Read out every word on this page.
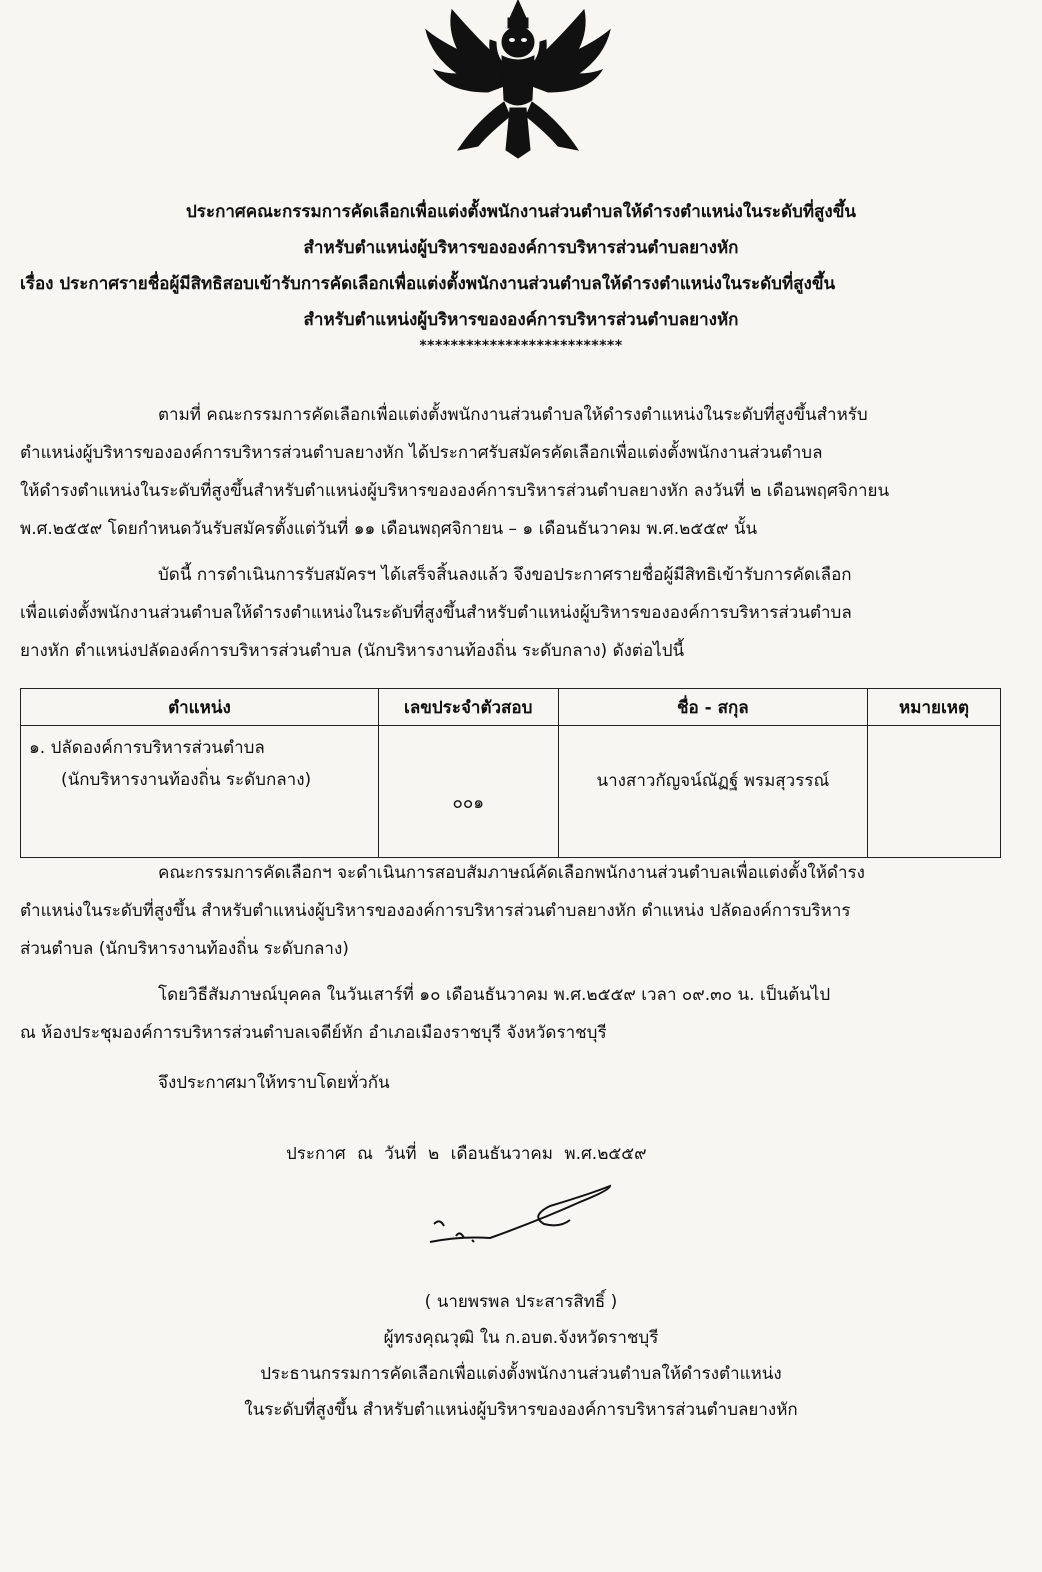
ประกาศคณะกรรมการคัดเลือกเพื่อแต่งตั้งพนักงานส่วนตำบลให้ดำรงตำแหน่งในระดับที่สูงขึ้น
สำหรับตำแหน่งผู้บริหารขององค์การบริหารส่วนตำบลยางหัก
เรื่อง ประกาศรายชื่อผู้มีสิทธิสอบเข้ารับการคัดเลือกเพื่อแต่งตั้งพนักงานส่วนตำบลให้ดำรงตำแหน่งในระดับที่สูงขึ้น
สำหรับตำแหน่งผู้บริหารขององค์การบริหารส่วนตำบลยางหัก
**************************
ตามที่ คณะกรรมการคัดเลือกเพื่อแต่งตั้งพนักงานส่วนตำบลให้ดำรงตำแหน่งในระดับที่สูงขึ้นสำหรับ
ตำแหน่งผู้บริหารขององค์การบริหารส่วนตำบลยางหัก ได้ประกาศรับสมัครคัดเลือกเพื่อแต่งตั้งพนักงานส่วนตำบล
ให้ดำรงตำแหน่งในระดับที่สูงขึ้นสำหรับตำแหน่งผู้บริหารขององค์การบริหารส่วนตำบลยางหัก ลงวันที่ ๒ เดือนพฤศจิกายน
พ.ศ.๒๕๕๙ โดยกำหนดวันรับสมัครตั้งแต่วันที่ ๑๑ เดือนพฤศจิกายน – ๑ เดือนธันวาคม พ.ศ.๒๕๕๙ นั้น
บัดนี้ การดำเนินการรับสมัครฯ ได้เสร็จสิ้นลงแล้ว จึงขอประกาศรายชื่อผู้มีสิทธิเข้ารับการคัดเลือก
เพื่อแต่งตั้งพนักงานส่วนตำบลให้ดำรงตำแหน่งในระดับที่สูงขึ้นสำหรับตำแหน่งผู้บริหารขององค์การบริหารส่วนตำบล
ยางหัก ตำแหน่งปลัดองค์การบริหารส่วนตำบล (นักบริหารงานท้องถิ่น ระดับกลาง) ดังต่อไปนี้
ตำแหน่ง	เลขประจำตัวสอบ	ชื่อ - สกุล	หมายเหตุ

๑. ปลัดองค์การบริหารส่วนตำบล
(นักบริหารงานท้องถิ่น ระดับกลาง)	๐๐๑	นางสาวกัญจน์ณัฏฐ์ พรมสุวรรณ์	
คณะกรรมการคัดเลือกฯ จะดำเนินการสอบสัมภาษณ์คัดเลือกพนักงานส่วนตำบลเพื่อแต่งตั้งให้ดำรง
ตำแหน่งในระดับที่สูงขึ้น สำหรับตำแหน่งผู้บริหารขององค์การบริหารส่วนตำบลยางหัก ตำแหน่ง ปลัดองค์การบริหาร
ส่วนตำบล (นักบริหารงานท้องถิ่น ระดับกลาง)
โดยวิธีสัมภาษณ์บุคคล ในวันเสาร์ที่ ๑๐ เดือนธันวาคม พ.ศ.๒๕๕๙ เวลา ๐๙.๓๐ น. เป็นต้นไป
ณ ห้องประชุมองค์การบริหารส่วนตำบลเจดีย์หัก อำเภอเมืองราชบุรี จังหวัดราชบุรี
จึงประกาศมาให้ทราบโดยทั่วกัน
ประกาศ ณ วันที่ ๒ เดือนธันวาคม พ.ศ.๒๕๕๙
( นายพรพล ประสารสิทธิ์ )
ผู้ทรงคุณวุฒิ ใน ก.อบต.จังหวัดราชบุรี
ประธานกรรมการคัดเลือกเพื่อแต่งตั้งพนักงานส่วนตำบลให้ดำรงตำแหน่ง
ในระดับที่สูงขึ้น สำหรับตำแหน่งผู้บริหารขององค์การบริหารส่วนตำบลยางหัก
